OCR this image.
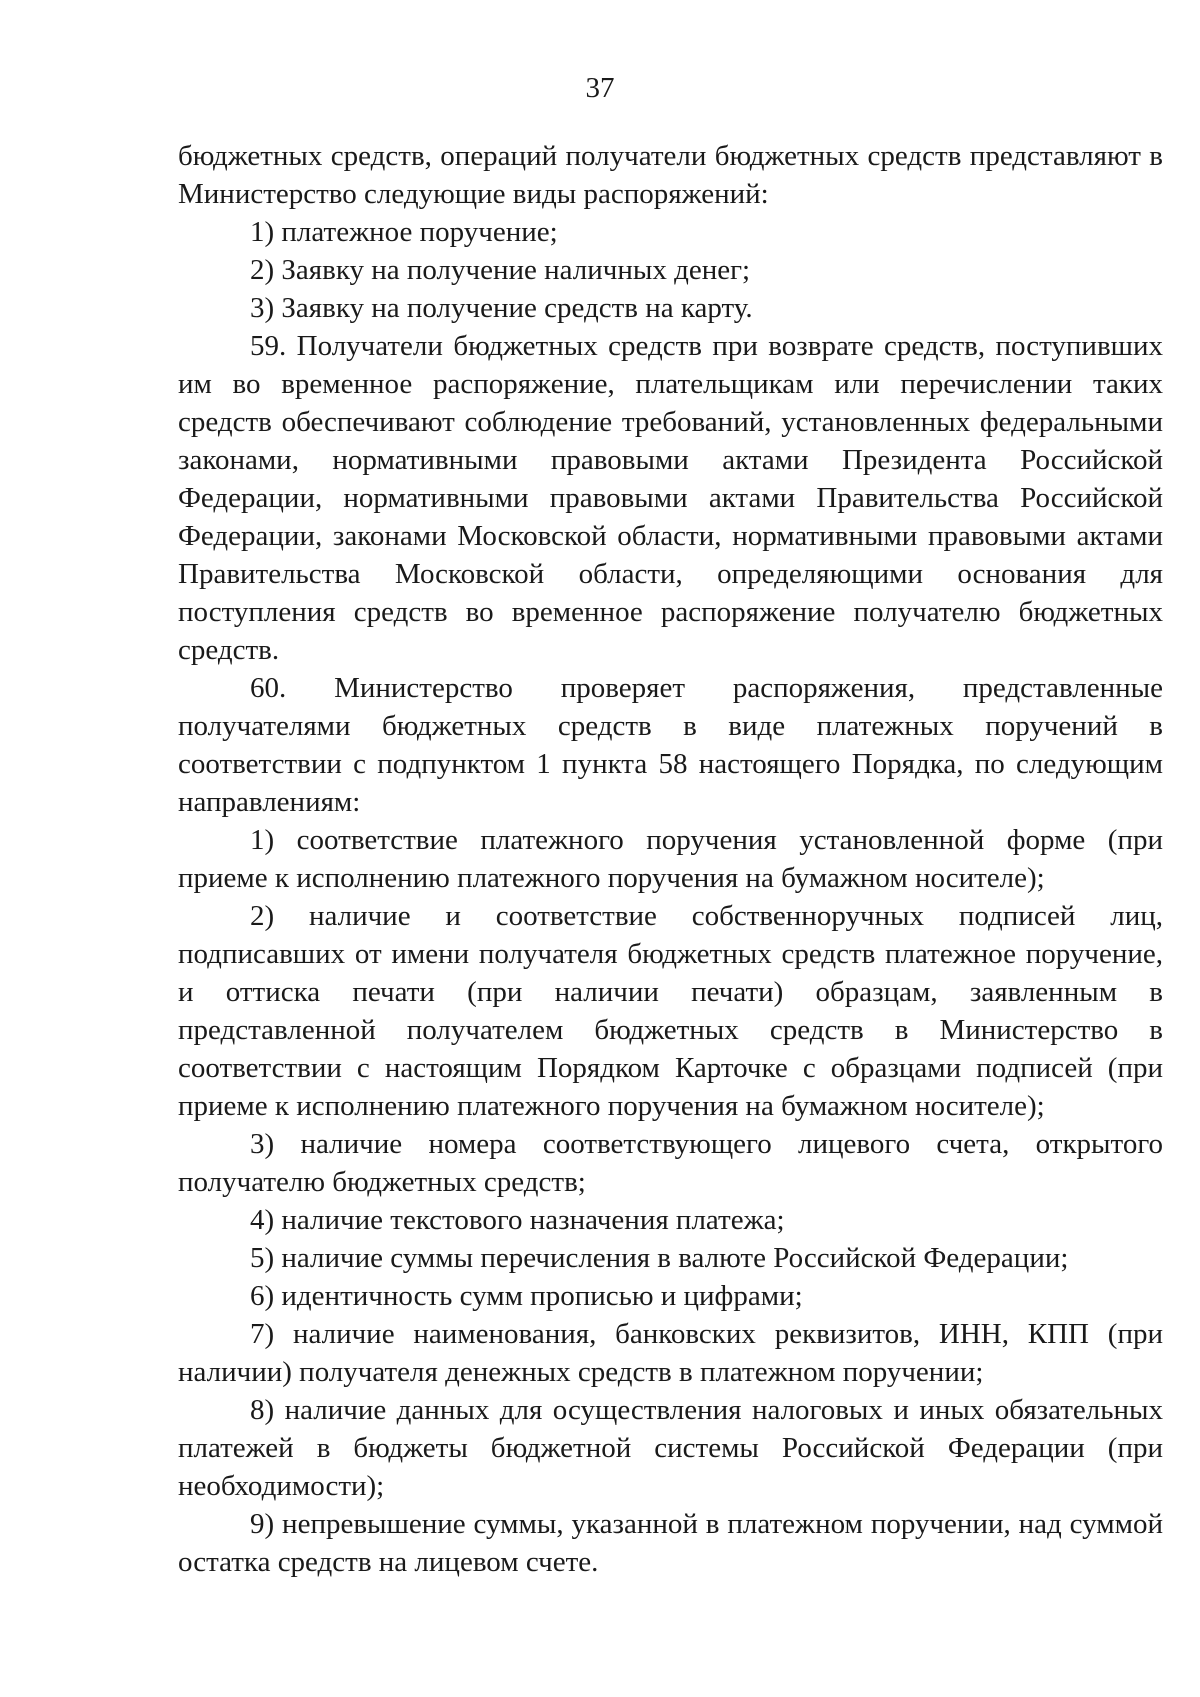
37

бюджетных средств, операций получатели бюджетных средств представляют в Министерство следующие виды распоряжений:

1) платежное поручение;

2) Заявку на получение наличных денег;

3) Заявку на получение средств на карту.

59. Получатели бюджетных средств при возврате средств, поступивших им во временное распоряжение, плательщикам или перечислении таких средств обеспечивают соблюдение требований, установленных федеральными законами, нормативными правовыми актами Президента Российской Федерации, нормативными правовыми актами Правительства Российской Федерации, законами Московской области, нормативными правовыми актами Правительства Московской области, определяющими основания для поступления средств во временное распоряжение получателю бюджетных средств.

60. Министерство проверяет распоряжения, представленные получателями бюджетных средств в виде платежных поручений в соответствии с подпунктом 1 пункта 58 настоящего Порядка, по следующим направлениям:

1) соответствие платежного поручения установленной форме (при приеме к исполнению платежного поручения на бумажном носителе);

2) наличие и соответствие собственноручных подписей лиц, подписавших от имени получателя бюджетных средств платежное поручение, и оттиска печати (при наличии печати) образцам, заявленным в представленной получателем бюджетных средств в Министерство в соответствии с настоящим Порядком Карточке с образцами подписей (при приеме к исполнению платежного поручения на бумажном носителе);

3) наличие номера соответствующего лицевого счета, открытого получателю бюджетных средств;

4) наличие текстового назначения платежа;

5) наличие суммы перечисления в валюте Российской Федерации;

6) идентичность сумм прописью и цифрами;

7) наличие наименования, банковских реквизитов, ИНН, КПП (при наличии) получателя денежных средств в платежном поручении;

8) наличие данных для осуществления налоговых и иных обязательных платежей в бюджеты бюджетной системы Российской Федерации (при необходимости);

9) непревышение суммы, указанной в платежном поручении, над суммой остатка средств на лицевом счете.
